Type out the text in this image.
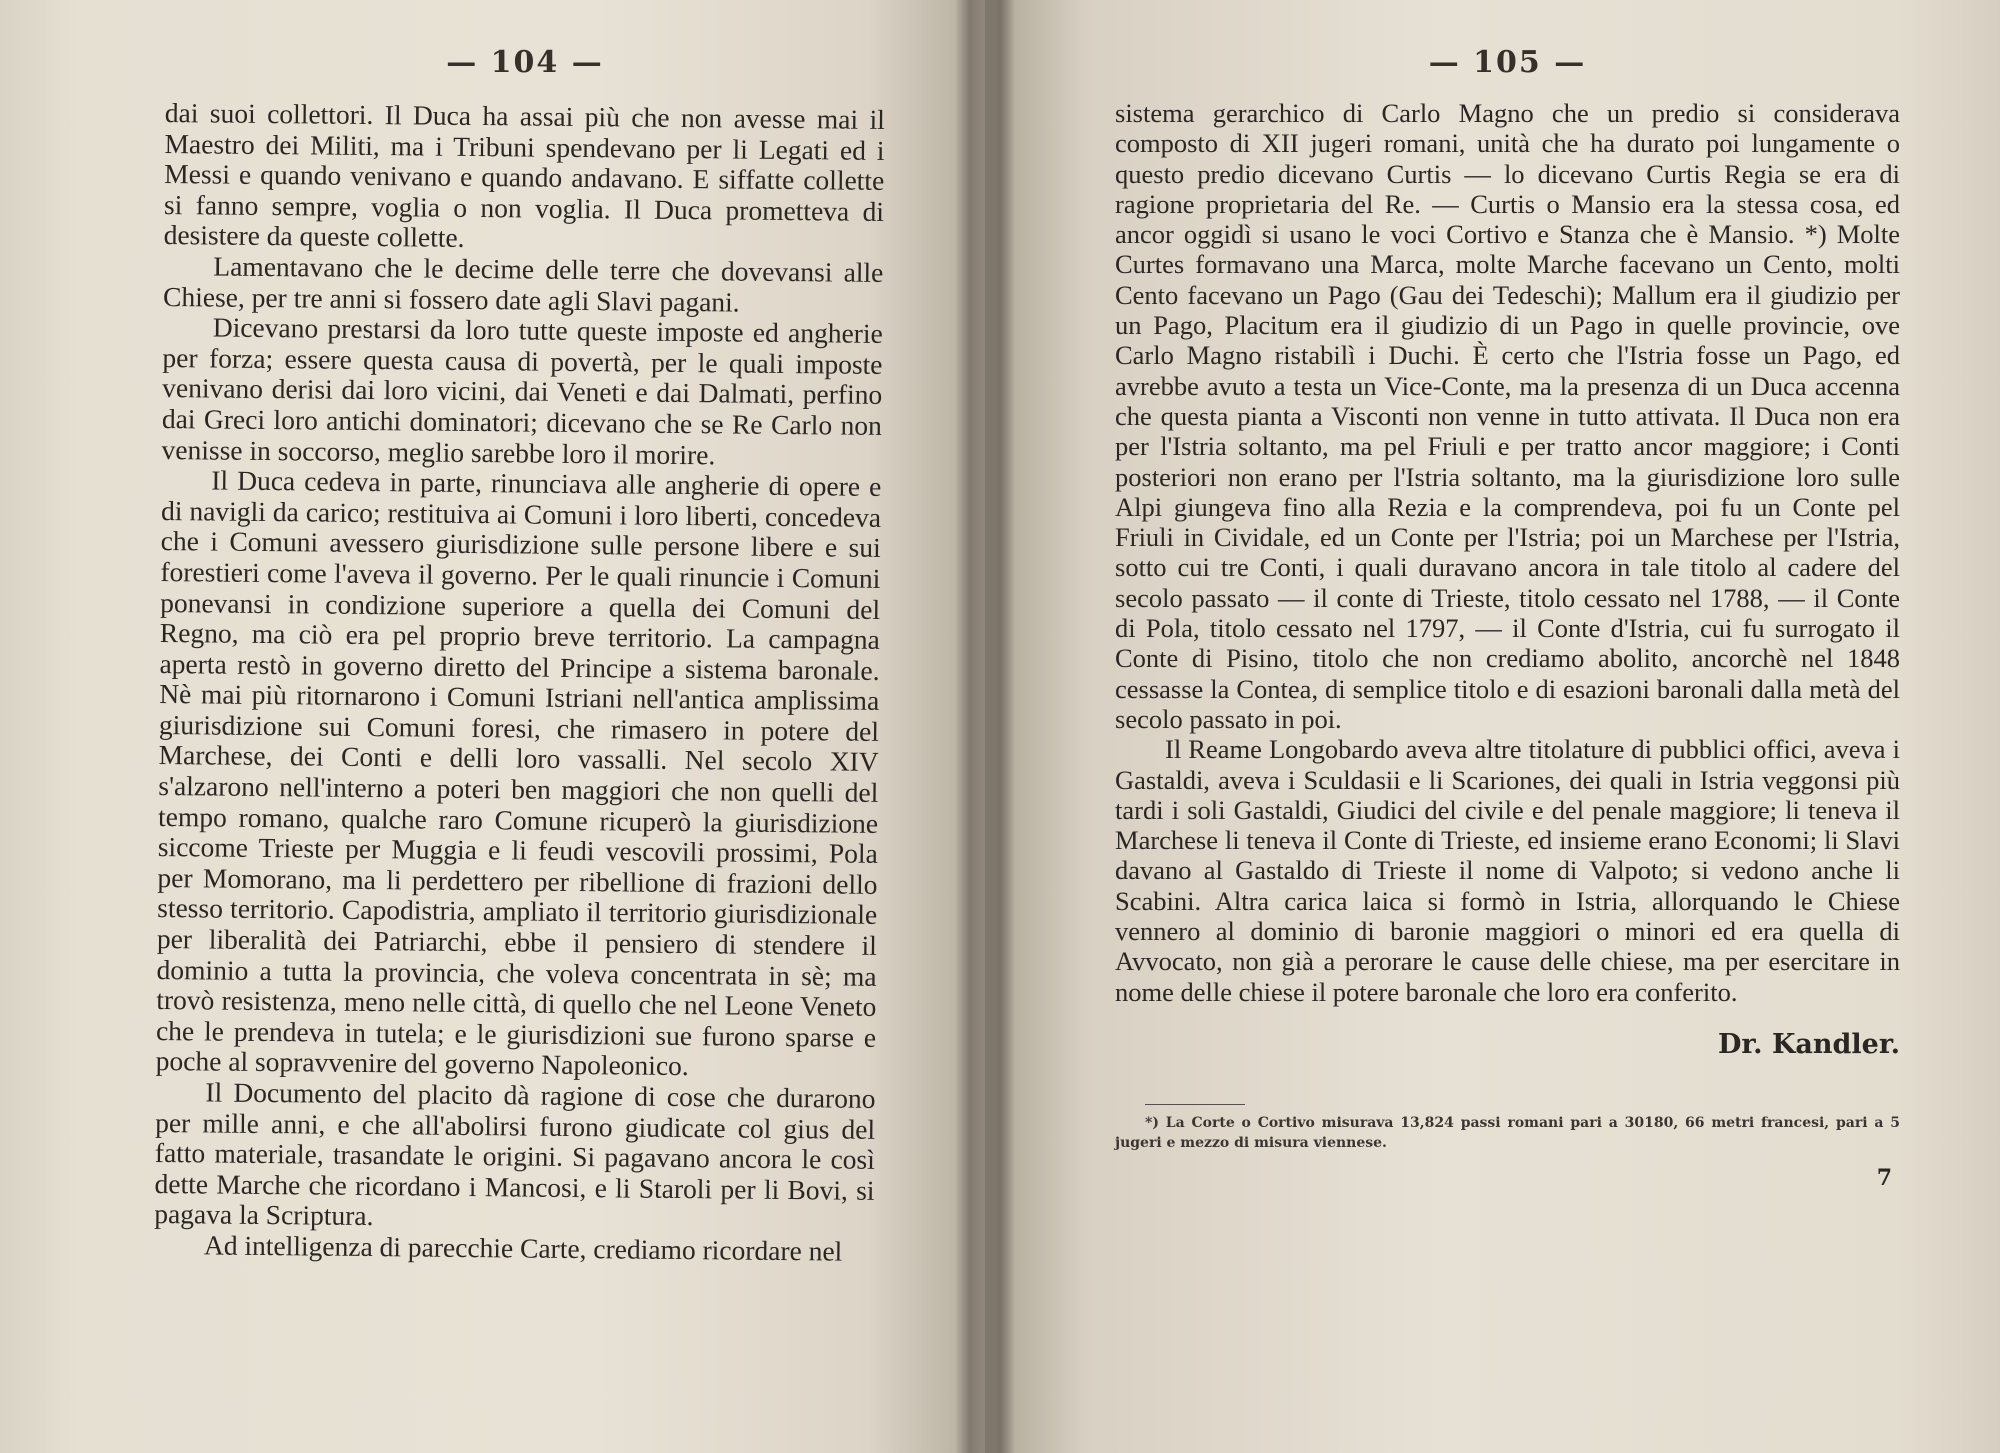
— 104 —

dai suoi collettori. Il Duca ha assai più che non avesse mai il Maestro dei Militi, ma i Tribuni spendevano per li Legati ed i Messi e quando venivano e quando andavano. E siffatte collette si fanno sempre, voglia o non voglia. Il Duca prometteva di desistere da queste collette.

Lamentavano che le decime delle terre che dovevansi alle Chiese, per tre anni si fossero date agli Slavi pagani.

Dicevano prestarsi da loro tutte queste imposte ed angherie per forza; essere questa causa di povertà, per le quali imposte venivano derisi dai loro vicini, dai Veneti e dai Dalmati, perfino dai Greci loro antichi dominatori; dicevano che se Re Carlo non venisse in soccorso, meglio sarebbe loro il morire.

Il Duca cedeva in parte, rinunciava alle angherie di opere e di navigli da carico; restituiva ai Comuni i loro liberti, concedeva che i Comuni avessero giurisdizione sulle persone libere e sui forestieri come l'aveva il governo. Per le quali rinuncie i Comuni ponevansi in condizione superiore a quella dei Comuni del Regno, ma ciò era pel proprio breve territorio. La campagna aperta restò in governo diretto del Principe a sistema baronale. Nè mai più ritornarono i Comuni Istriani nell'antica amplissima giurisdizione sui Comuni foresi, che rimasero in potere del Marchese, dei Conti e delli loro vassalli. Nel secolo XIV s'alzarono nell'interno a poteri ben maggiori che non quelli del tempo romano, qualche raro Comune ricuperò la giurisdizione siccome Trieste per Muggia e li feudi vescovili prossimi, Pola per Momorano, ma li perdettero per ribellione di frazioni dello stesso territorio. Capodistria, ampliato il territorio giurisdizionale per liberalità dei Patriarchi, ebbe il pensiero di stendere il dominio a tutta la provincia, che voleva concentrata in sè; ma trovò resistenza, meno nelle città, di quello che nel Leone Veneto che le prendeva in tutela; e le giurisdizioni sue furono sparse e poche al sopravvenire del governo Napoleonico.

Il Documento del placito dà ragione di cose che durarono per mille anni, e che all'abolirsi furono giudicate col gius del fatto materiale, trasandate le origini. Si pagavano ancora le così dette Marche che ricordano i Mancosi, e li Staroli per li Bovi, si pagava la Scriptura.

Ad intelligenza di parecchie Carte, crediamo ricordare nel

— 105 —

sistema gerarchico di Carlo Magno che un predio si considerava composto di XII jugeri romani, unità che ha durato poi lungamente o questo predio dicevano Curtis — lo dicevano Curtis Regia se era di ragione proprietaria del Re. — Curtis o Mansio era la stessa cosa, ed ancor oggidì si usano le voci Cortivo e Stanza che è Mansio. *) Molte Curtes formavano una Marca, molte Marche facevano un Cento, molti Cento facevano un Pago (Gau dei Tedeschi); Mallum era il giudizio per un Pago, Placitum era il giudizio di un Pago in quelle provincie, ove Carlo Magno ristabilì i Duchi. È certo che l'Istria fosse un Pago, ed avrebbe avuto a testa un Vice-Conte, ma la presenza di un Duca accenna che questa pianta a Visconti non venne in tutto attivata. Il Duca non era per l'Istria soltanto, ma pel Friuli e per tratto ancor maggiore; i Conti posteriori non erano per l'Istria soltanto, ma la giurisdizione loro sulle Alpi giungeva fino alla Rezia e la comprendeva, poi fu un Conte pel Friuli in Cividale, ed un Conte per l'Istria; poi un Marchese per l'Istria, sotto cui tre Conti, i quali duravano ancora in tale titolo al cadere del secolo passato — il conte di Trieste, titolo cessato nel 1788, — il Conte di Pola, titolo cessato nel 1797, — il Conte d'Istria, cui fu surrogato il Conte di Pisino, titolo che non crediamo abolito, ancorchè nel 1848 cessasse la Contea, di semplice titolo e di esazioni baronali dalla metà del secolo passato in poi.

Il Reame Longobardo aveva altre titolature di pubblici offici, aveva i Gastaldi, aveva i Sculdasii e li Scariones, dei quali in Istria veggonsi più tardi i soli Gastaldi, Giudici del civile e del penale maggiore; li teneva il Marchese li teneva il Conte di Trieste, ed insieme erano Economi; li Slavi davano al Gastaldo di Trieste il nome di Valpoto; si vedono anche li Scabini. Altra carica laica si formò in Istria, allorquando le Chiese vennero al dominio di baronie maggiori o minori ed era quella di Avvocato, non già a perorare le cause delle chiese, ma per esercitare in nome delle chiese il potere baronale che loro era conferito.

Dr. Kandler.
*) La Corte o Cortivo misurava 13,824 passi romani pari a 30180, 66 metri francesi, pari a 5 jugeri e mezzo di misura viennese.
7
